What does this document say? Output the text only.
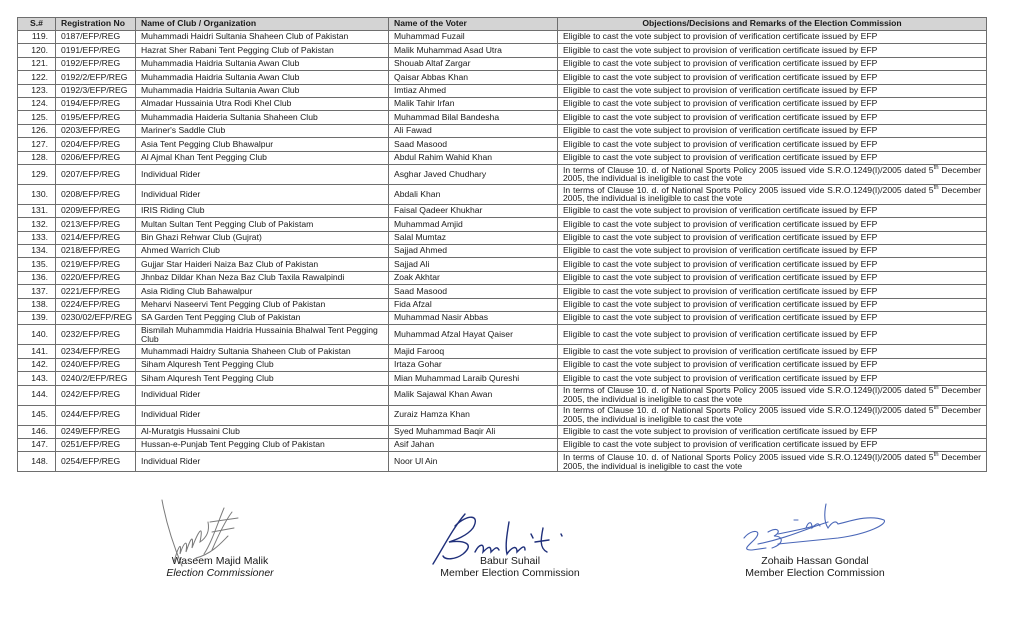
S.#	Registration No	Name of Club / Organization	Name of the Voter	Objections/Decisions and Remarks of the Election Commission
119.	0187/EFP/REG	Muhammadi Haidri Sultania Shaheen Club of Pakistan	Muhammad Fuzail	Eligible to cast the vote subject to provision of verification certificate issued by EFP
120.	0191/EFP/REG	Hazrat Sher Rabani Tent Pegging Club of Pakistan	Malik Muhammad Asad Utra	Eligible to cast the vote subject to provision of verification certificate issued by EFP
121.	0192/EFP/REG	Muhammadia Haidria Sultania Awan Club	Shouab Altaf Zargar	Eligible to cast the vote subject to provision of verification certificate issued by EFP
122.	0192/2/EFP/REG	Muhammadia Haidria Sultania Awan Club	Qaisar Abbas Khan	Eligible to cast the vote subject to provision of verification certificate issued by EFP
123.	0192/3/EFP/REG	Muhammadia Haidria Sultania Awan Club	Imtiaz Ahmed	Eligible to cast the vote subject to provision of verification certificate issued by EFP
124.	0194/EFP/REG	Almadar Hussainia Utra Rodi Khel Club	Malik Tahir Irfan	Eligible to cast the vote subject to provision of verification certificate issued by EFP
125.	0195/EFP/REG	Muhammadia Haideria Sultania Shaheen Club	Muhammad Bilal Bandesha	Eligible to cast the vote subject to provision of verification certificate issued by EFP
126.	0203/EFP/REG	Mariner's Saddle Club	Ali Fawad	Eligible to cast the vote subject to provision of verification certificate issued by EFP
127.	0204/EFP/REG	Asia Tent Pegging Club Bhawalpur	Saad Masood	Eligible to cast the vote subject to provision of verification certificate issued by EFP
128.	0206/EFP/REG	Al Ajmal Khan Tent Pegging Club	Abdul Rahim Wahid Khan	Eligible to cast the vote subject to provision of verification certificate issued by EFP
129.	0207/EFP/REG	Individual Rider	Asghar Javed Chudhary	In terms of Clause 10. d. of National Sports Policy 2005 issued vide S.R.O.1249(I)/2005 dated 5th December 2005, the individual is ineligible to cast the vote
130.	0208/EFP/REG	Individual Rider	Abdali Khan	In terms of Clause 10. d. of National Sports Policy 2005 issued vide S.R.O.1249(I)/2005 dated 5th December 2005, the individual is ineligible to cast the vote
131.	0209/EFP/REG	IRIS Riding Club	Faisal Qadeer Khukhar	Eligible to cast the vote subject to provision of verification certificate issued by EFP
132.	0213/EFP/REG	Multan Sultan Tent Pegging Club of Pakistam	Muhammad Amjid	Eligible to cast the vote subject to provision of verification certificate issued by EFP
133.	0214/EFP/REG	Bin Ghazi Rehwar Club (Gujrat)	Salal Mumtaz	Eligible to cast the vote subject to provision of verification certificate issued by EFP
134.	0218/EFP/REG	Ahmed Warrich Club	Sajjad Ahmed	Eligible to cast the vote subject to provision of verification certificate issued by EFP
135.	0219/EFP/REG	Gujjar Star Haideri Naiza Baz Club of Pakistan	Sajjad Ali	Eligible to cast the vote subject to provision of verification certificate issued by EFP
136.	0220/EFP/REG	Jhnbaz Dildar Khan Neza Baz Club Taxila Rawalpindi	Zoak Akhtar	Eligible to cast the vote subject to provision of verification certificate issued by EFP
137.	0221/EFP/REG	Asia Riding Club Bahawalpur	Saad Masood	Eligible to cast the vote subject to provision of verification certificate issued by EFP
138.	0224/EFP/REG	Meharvi Naseervi Tent Pegging Club of Pakistan	Fida Afzal	Eligible to cast the vote subject to provision of verification certificate issued by EFP
139.	0230/02/EFP/REG	SA Garden Tent Pegging Club of Pakistan	Muhammad Nasir Abbas	Eligible to cast the vote subject to provision of verification certificate issued by EFP
140.	0232/EFP/REG	Bismilah Muhammdia Haidria Hussainia Bhalwal Tent Pegging Club	Muhammad Afzal Hayat Qaiser	Eligible to cast the vote subject to provision of verification certificate issued by EFP
141.	0234/EFP/REG	Muhammadi Haidry Sultania Shaheen Club of Pakistan	Majid Farooq	Eligible to cast the vote subject to provision of verification certificate issued by EFP
142.	0240/EFP/REG	Siham Alquresh Tent Pegging Club	Irtaza Gohar	Eligible to cast the vote subject to provision of verification certificate issued by EFP
143.	0240/2/EFP/REG	Siham Alquresh Tent Pegging Club	Mian Muhammad Laraib Qureshi	Eligible to cast the vote subject to provision of verification certificate issued by EFP
144.	0242/EFP/REG	Individual Rider	Malik Sajawal Khan Awan	In terms of Clause 10. d. of National Sports Policy 2005 issued vide S.R.O.1249(I)/2005 dated 5th December 2005, the individual is ineligible to cast the vote
145.	0244/EFP/REG	Individual Rider	Zuraiz Hamza Khan	In terms of Clause 10. d. of National Sports Policy 2005 issued vide S.R.O.1249(I)/2005 dated 5th December 2005, the individual is ineligible to cast the vote
146.	0249/EFP/REG	Al-Muratgis Hussaini Club	Syed Muhammad Baqir Ali	Eligible to cast the vote subject to provision of verification certificate issued by EFP
147.	0251/EFP/REG	Hussan-e-Punjab Tent Pegging Club of Pakistan	Asif Jahan	Eligible to cast the vote subject to provision of verification certificate issued by EFP
148.	0254/EFP/REG	Individual Rider	Noor Ul Ain	In terms of Clause 10. d. of National Sports Policy 2005 issued vide S.R.O.1249(I)/2005 dated 5th December 2005, the individual is ineligible to cast the vote
Waseem Majid Malik
Election Commissioner
Babur Suhail
Member Election Commission
Zohaib Hassan Gondal
Member Election Commission
